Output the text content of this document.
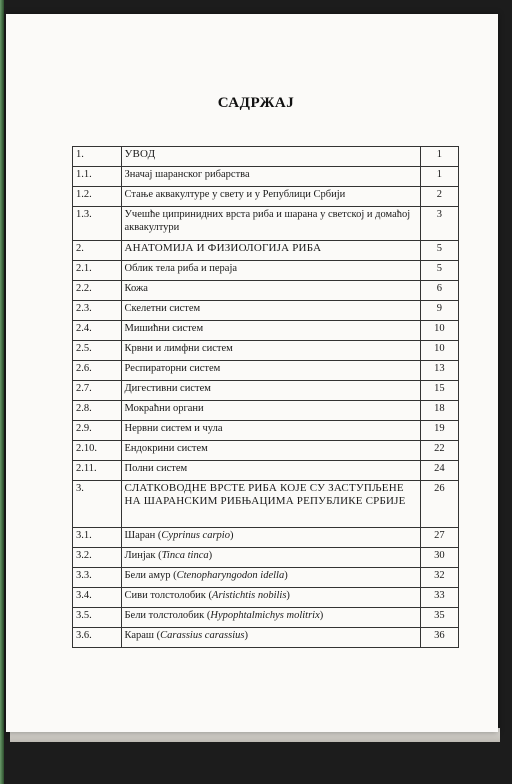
САДРЖАЈ
1.	УВОД	1
1.1.	Значај шаранског рибарства	1
1.2.	Стање аквакултуре у свету и у Републици Србији	2
1.3.	Учешће ципринидних врста риба и шарана у светској и домаћој аквакултури	3
2.	АНАТОМИЈА И ФИЗИОЛОГИЈА РИБА	5
2.1.	Облик тела риба и пераја	5
2.2.	Кожа	6
2.3.	Скелетни систем	9
2.4.	Мишићни систем	10
2.5.	Крвни и лимфни систем	10
2.6.	Респираторни систем	13
2.7.	Дигестивни систем	15
2.8.	Мокраћни органи	18
2.9.	Нервни систем и чула	19
2.10.	Ендокрини систем	22
2.11.	Полни систем	24
3.	СЛАТКОВОДНЕ ВРСТЕ РИБА КОЈЕ СУ ЗАСТУПЉЕНЕ НА ШАРАНСКИМ РИБЊАЦИМА РЕПУБЛИКЕ СРБИЈЕ	26
3.1.	Шаран (Cyprinus carpio)	27
3.2.	Линјак (Tinca tinca)	30
3.3.	Бели амур (Ctenopharyngodon idella)	32
3.4.	Сиви толстолобик (Aristichtis nobilis)	33
3.5.	Бели толстолобик (Hypophtalmichys molitrix)	35
3.6.	Караш (Carassius carassius)	36
